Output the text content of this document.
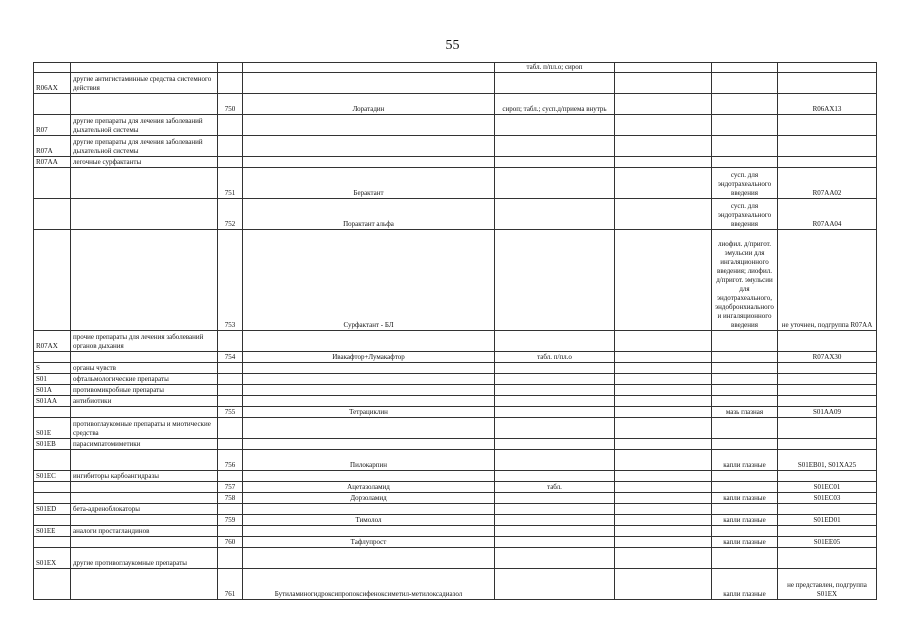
55
				табл. п/пл.о; сироп			
R06AX	другие антигистаминные средства системного действия						
		750	Лоратадин	сироп; табл.; сусп.д/приема внутрь			R06AX13
R07	другие препараты для лечения заболеваний дыхательной системы						
R07A	другие препараты для лечения заболеваний дыхательной системы						
R07AA	легочные сурфактанты						
		751	Берактант			сусп. для эндотрахеального введения	R07AA02
		752	Порактант альфа			сусп. для эндотрахеального введения	R07AA04
		753	Сурфактант - БЛ			лиофил. д/пригот. эмульсии для ингаляционного введения; лиофил. д/пригот. эмульсии для эндотрахеального, эндобронхиального и ингаляционного введения	не уточнен, подгруппа R07AA
R07AX	прочие препараты для лечения заболеваний органов дыхания						
		754	Ивакафтор+Лумакафтор	табл. п/пл.о			R07AX30
S	органы чувств						
S01	офтальмологические препараты						
S01A	противомикробные препараты						
S01AA	антибиотики						
		755	Тетрациклин			мазь глазная	S01AA09
S01E	противоглаукомные препараты и миотические средства						
S01EB	парасимпатомиметики						
		756	Пилокарпин			капли глазные	S01EB01, S01XA25
S01EC	ингибиторы карбоангидразы						
		757	Ацетазоламид	табл.			S01EC01
		758	Дорзоламид			капли глазные	S01EC03
S01ED	бета-адреноблокаторы						
		759	Тимолол			капли глазные	S01ED01
S01EE	аналоги простагландинов						
		760	Тафлупрост			капли глазные	S01EE05
S01EX	другие противоглаукомные препараты						
		761	Бутиламиногидроксипропоксифеноксиметил-метилоксадиазол			капли глазные	не представлен, подгруппа S01EX
